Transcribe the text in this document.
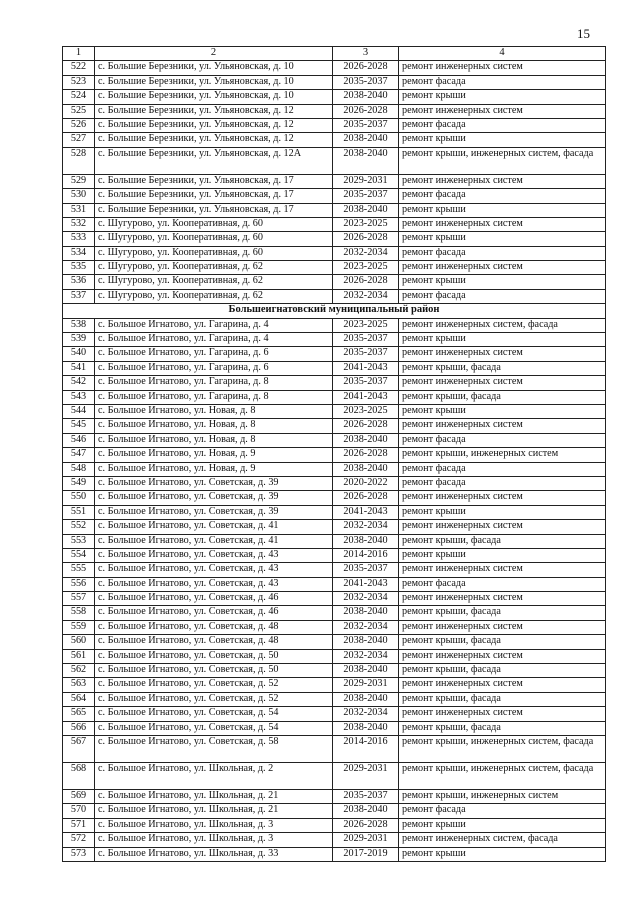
15
1	2	3	4
522	с. Большие Березники, ул. Ульяновская, д. 10	2026-2028	ремонт инженерных систем
523	с. Большие Березники, ул. Ульяновская, д. 10	2035-2037	ремонт фасада
524	с. Большие Березники, ул. Ульяновская, д. 10	2038-2040	ремонт крыши
525	с. Большие Березники, ул. Ульяновская, д. 12	2026-2028	ремонт инженерных систем
526	с. Большие Березники, ул. Ульяновская, д. 12	2035-2037	ремонт фасада
527	с. Большие Березники, ул. Ульяновская, д. 12	2038-2040	ремонт крыши
528	с. Большие Березники, ул. Ульяновская, д. 12А	2038-2040	ремонт крыши, инженерных систем, фасада
529	с. Большие Березники, ул. Ульяновская, д. 17	2029-2031	ремонт инженерных систем
530	с. Большие Березники, ул. Ульяновская, д. 17	2035-2037	ремонт фасада
531	с. Большие Березники, ул. Ульяновская, д. 17	2038-2040	ремонт крыши
532	с. Шугурово, ул. Кооперативная, д. 60	2023-2025	ремонт инженерных систем
533	с. Шугурово, ул. Кооперативная, д. 60	2026-2028	ремонт крыши
534	с. Шугурово, ул. Кооперативная, д. 60	2032-2034	ремонт фасада
535	с. Шугурово, ул. Кооперативная, д. 62	2023-2025	ремонт инженерных систем
536	с. Шугурово, ул. Кооперативная, д. 62	2026-2028	ремонт крыши
537	с. Шугурово, ул. Кооперативная, д. 62	2032-2034	ремонт фасада
Большеигнатовский муниципальный район			
538	с. Большое Игнатово, ул. Гагарина, д. 4	2023-2025	ремонт инженерных систем, фасада
539	с. Большое Игнатово, ул. Гагарина, д. 4	2035-2037	ремонт крыши
540	с. Большое Игнатово, ул. Гагарина, д. 6	2035-2037	ремонт инженерных систем
541	с. Большое Игнатово, ул. Гагарина, д. 6	2041-2043	ремонт крыши, фасада
542	с. Большое Игнатово, ул. Гагарина, д. 8	2035-2037	ремонт инженерных систем
543	с. Большое Игнатово, ул. Гагарина, д. 8	2041-2043	ремонт крыши, фасада
544	с. Большое Игнатово, ул. Новая, д. 8	2023-2025	ремонт крыши
545	с. Большое Игнатово, ул. Новая, д. 8	2026-2028	ремонт инженерных систем
546	с. Большое Игнатово, ул. Новая, д. 8	2038-2040	ремонт фасада
547	с. Большое Игнатово, ул. Новая, д. 9	2026-2028	ремонт крыши, инженерных систем
548	с. Большое Игнатово, ул. Новая, д. 9	2038-2040	ремонт фасада
549	с. Большое Игнатово, ул. Советская, д. 39	2020-2022	ремонт фасада
550	с. Большое Игнатово, ул. Советская, д. 39	2026-2028	ремонт инженерных систем
551	с. Большое Игнатово, ул. Советская, д. 39	2041-2043	ремонт крыши
552	с. Большое Игнатово, ул. Советская, д. 41	2032-2034	ремонт инженерных систем
553	с. Большое Игнатово, ул. Советская, д. 41	2038-2040	ремонт крыши, фасада
554	с. Большое Игнатово, ул. Советская, д. 43	2014-2016	ремонт крыши
555	с. Большое Игнатово, ул. Советская, д. 43	2035-2037	ремонт инженерных систем
556	с. Большое Игнатово, ул. Советская, д. 43	2041-2043	ремонт фасада
557	с. Большое Игнатово, ул. Советская, д. 46	2032-2034	ремонт инженерных систем
558	с. Большое Игнатово, ул. Советская, д. 46	2038-2040	ремонт крыши, фасада
559	с. Большое Игнатово, ул. Советская, д. 48	2032-2034	ремонт инженерных систем
560	с. Большое Игнатово, ул. Советская, д. 48	2038-2040	ремонт крыши, фасада
561	с. Большое Игнатово, ул. Советская, д. 50	2032-2034	ремонт инженерных систем
562	с. Большое Игнатово, ул. Советская, д. 50	2038-2040	ремонт крыши, фасада
563	с. Большое Игнатово, ул. Советская, д. 52	2029-2031	ремонт инженерных систем
564	с. Большое Игнатово, ул. Советская, д. 52	2038-2040	ремонт крыши, фасада
565	с. Большое Игнатово, ул. Советская, д. 54	2032-2034	ремонт инженерных систем
566	с. Большое Игнатово, ул. Советская, д. 54	2038-2040	ремонт крыши, фасада
567	с. Большое Игнатово, ул. Советская, д. 58	2014-2016	ремонт крыши, инженерных систем, фасада
568	с. Большое Игнатово, ул. Школьная, д. 2	2029-2031	ремонт крыши, инженерных систем, фасада
569	с. Большое Игнатово, ул. Школьная, д. 21	2035-2037	ремонт крыши, инженерных систем
570	с. Большое Игнатово, ул. Школьная, д. 21	2038-2040	ремонт фасада
571	с. Большое Игнатово, ул. Школьная, д. 3	2026-2028	ремонт крыши
572	с. Большое Игнатово, ул. Школьная, д. 3	2029-2031	ремонт инженерных систем, фасада
573	с. Большое Игнатово, ул. Школьная, д. 33	2017-2019	ремонт крыши
